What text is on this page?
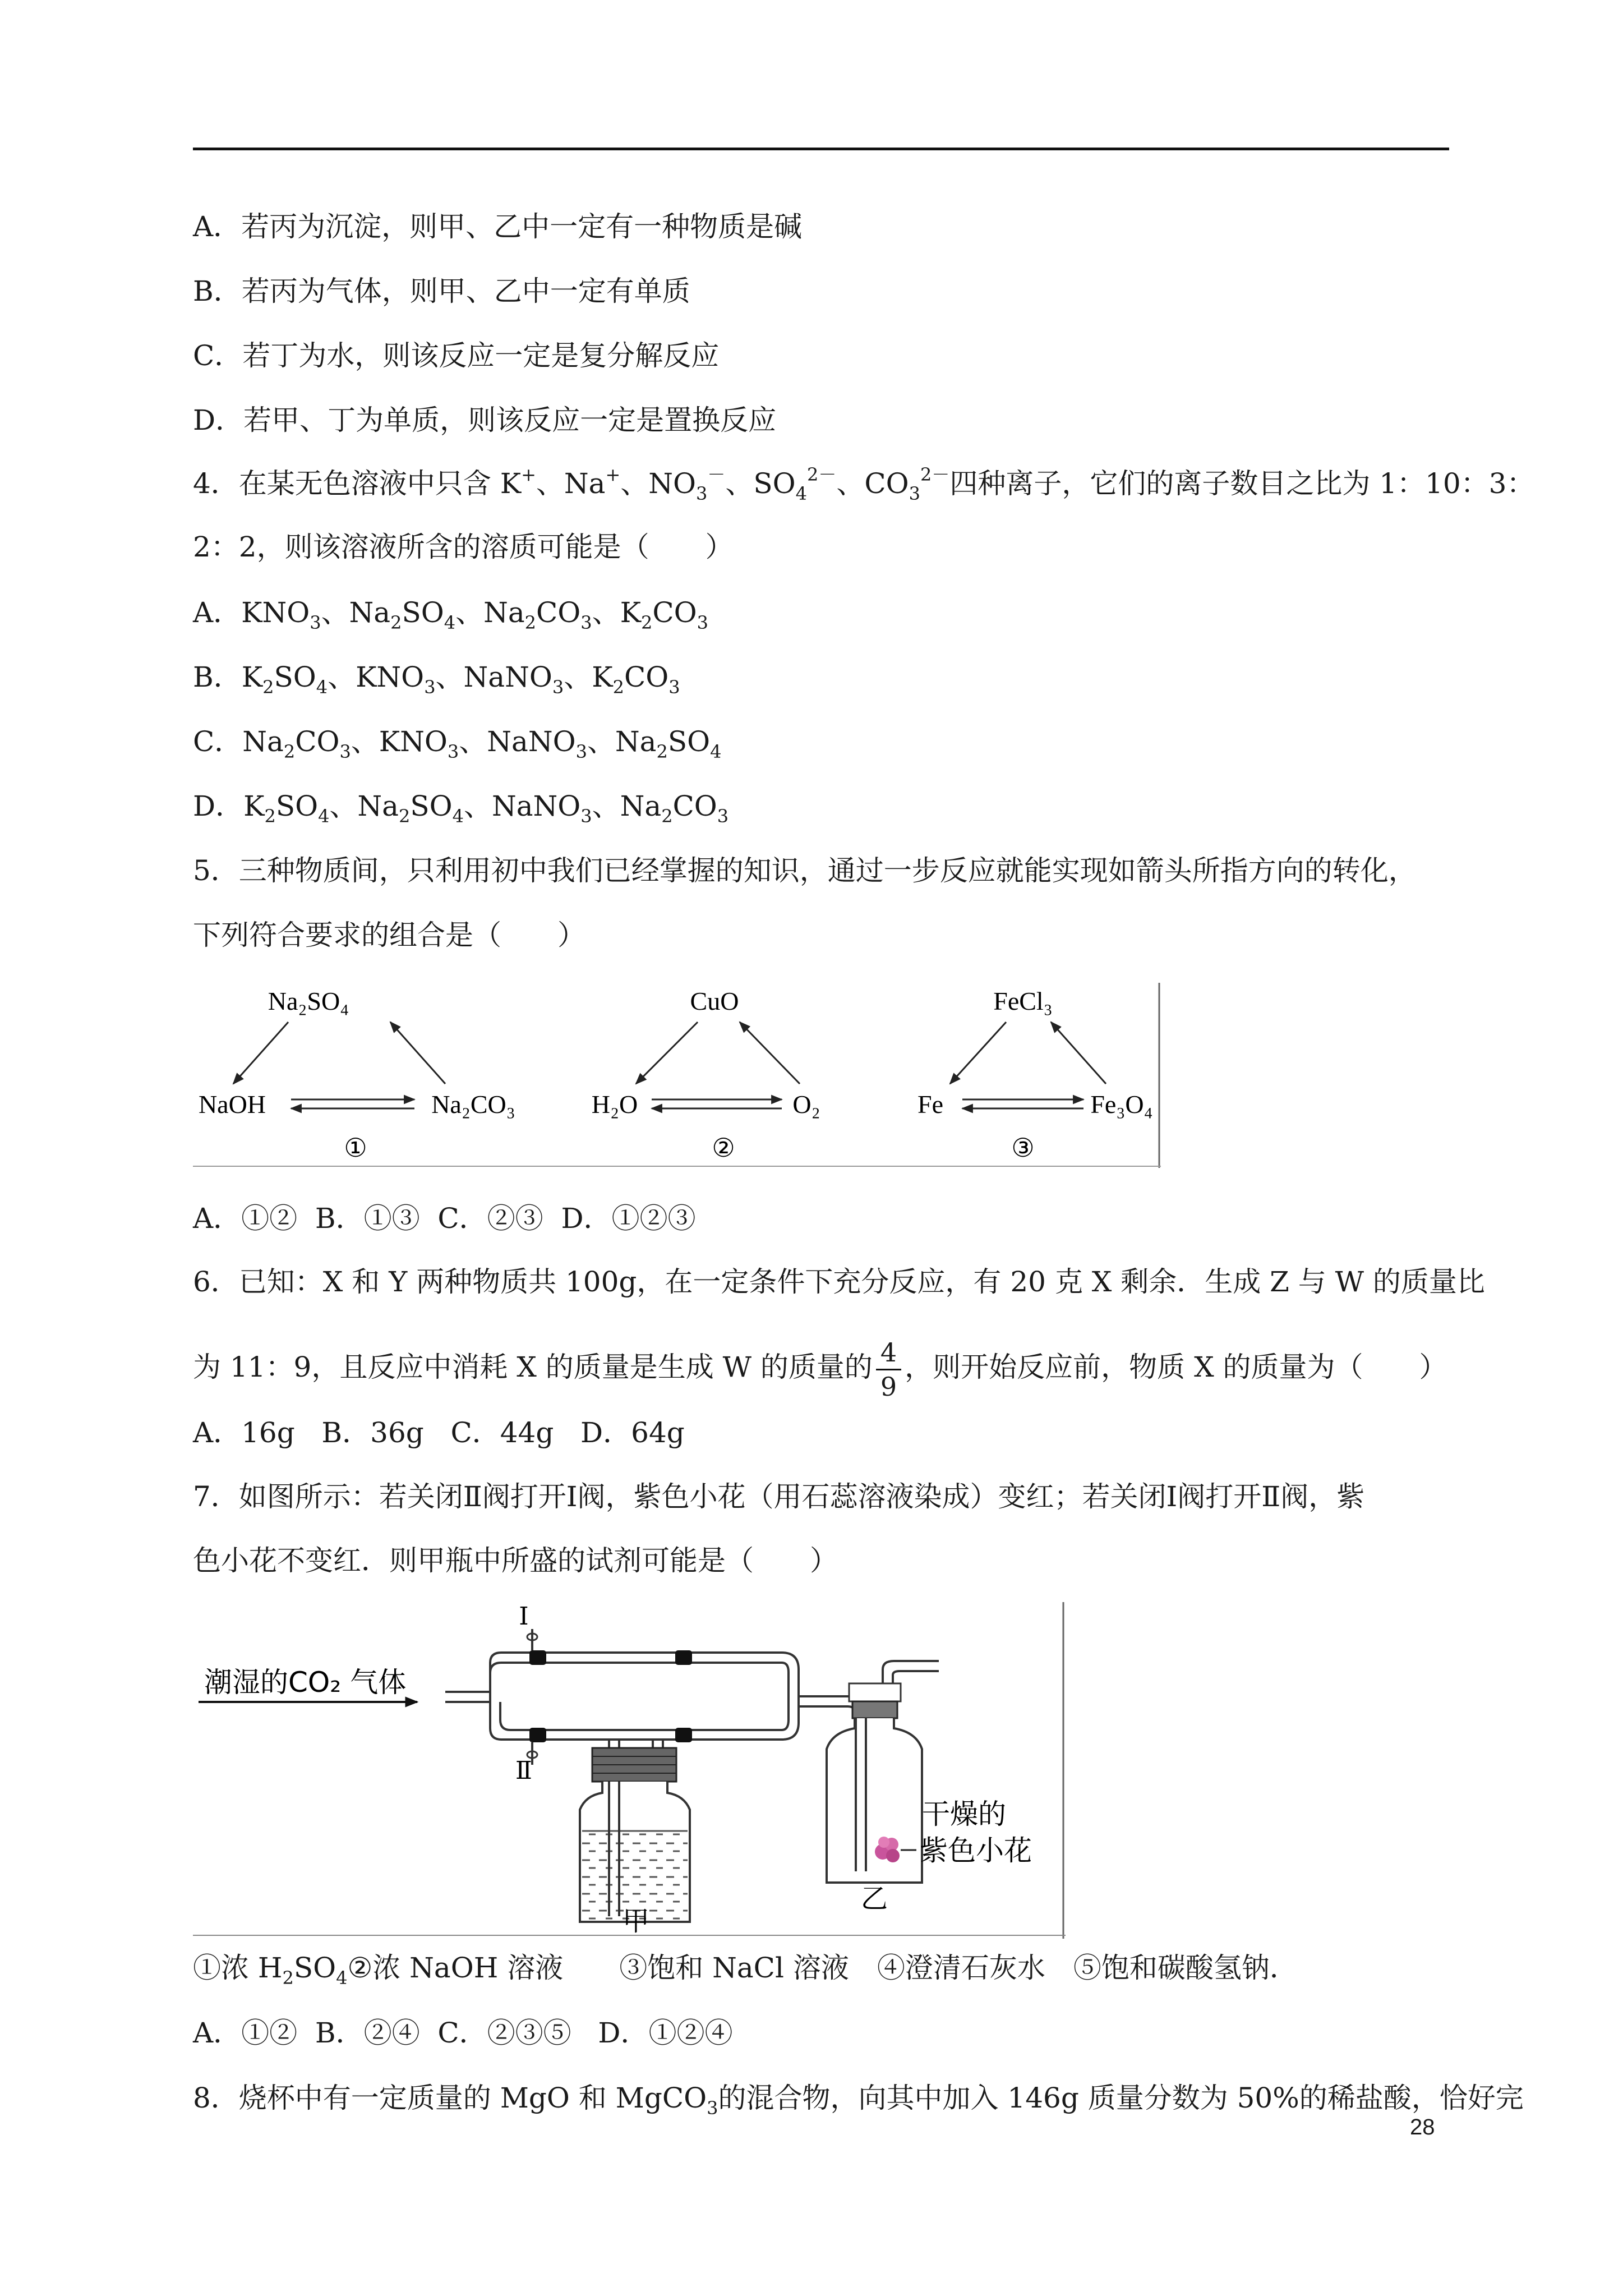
A．若丙为沉淀，则甲、乙中一定有一种物质是碱
B．若丙为气体，则甲、乙中一定有单质
C．若丁为水，则该反应一定是复分解反应
D．若甲、丁为单质，则该反应一定是置换反应
4．在某无色溶液中只含 K+、Na+、$NO_3^-$、$SO_4^{2-}$、$CO_3^{2-}$四种离子，它们的离子数目之比为 1：10：3：
2：2，则该溶液所含的溶质可能是（　　）
A．$KNO_3$、$Na_2SO_4$、$Na_2CO_3$、$K_2CO_3$
B．$K_2SO_4$、$KNO_3$、NaNO$_3$、$K_2CO_3$
C．$Na_2CO_3$、$KNO_3$、NaNO$_3$、$Na_2SO_4$
D．$K_2SO_4$、$Na_2SO_4$、NaNO$_3$、$Na_2CO_3$
5．三种物质间，只利用初中我们已经掌握的知识，通过一步反应就能实现如箭头所指方向的转化，
下列符合要求的组合是（　　）
Na₂SO₄
NaOH	Na₂CO₃
①
CuO
H₂O	O₂
②
FeCl₃
Fe	Fe₃O₄
③
A．①②  B．①③  C．②③  D．①②③
6．已知：X 和 Y 两种物质共 100g，在一定条件下充分反应，有 20 克 X 剩余．生成 Z 与 W 的质量比
为 11：9，且反应中消耗 X 的质量是生成 W 的质量的 $\frac{4}{9}$ ，则开始反应前，物质 X 的质量为（　　）
A．16g   B．36g   C．44g   D．64g
7．如图所示：若关闭Ⅱ阀打开Ⅰ阀，紫色小花（用石蕊溶液染成）变红；若关闭Ⅰ阀打开Ⅱ阀，紫
色小花不变红．则甲瓶中所盛的试剂可能是（　　）
潮湿的CO₂ 气体
Ⅰ
Ⅱ
干燥的
紫色小花
甲
乙
①浓 $H_2SO_4②$浓 NaOH 溶液　　③饱和 NaCl 溶液　④澄清石灰水　⑤饱和碳酸氢钠．
A．①②  B．②④  C．②③⑤   D．①②④
8．烧杯中有一定质量的 MgO 和 MgCO$_3$的混合物，向其中加入 146g 质量分数为 50%的稀盐酸，恰好完
28
